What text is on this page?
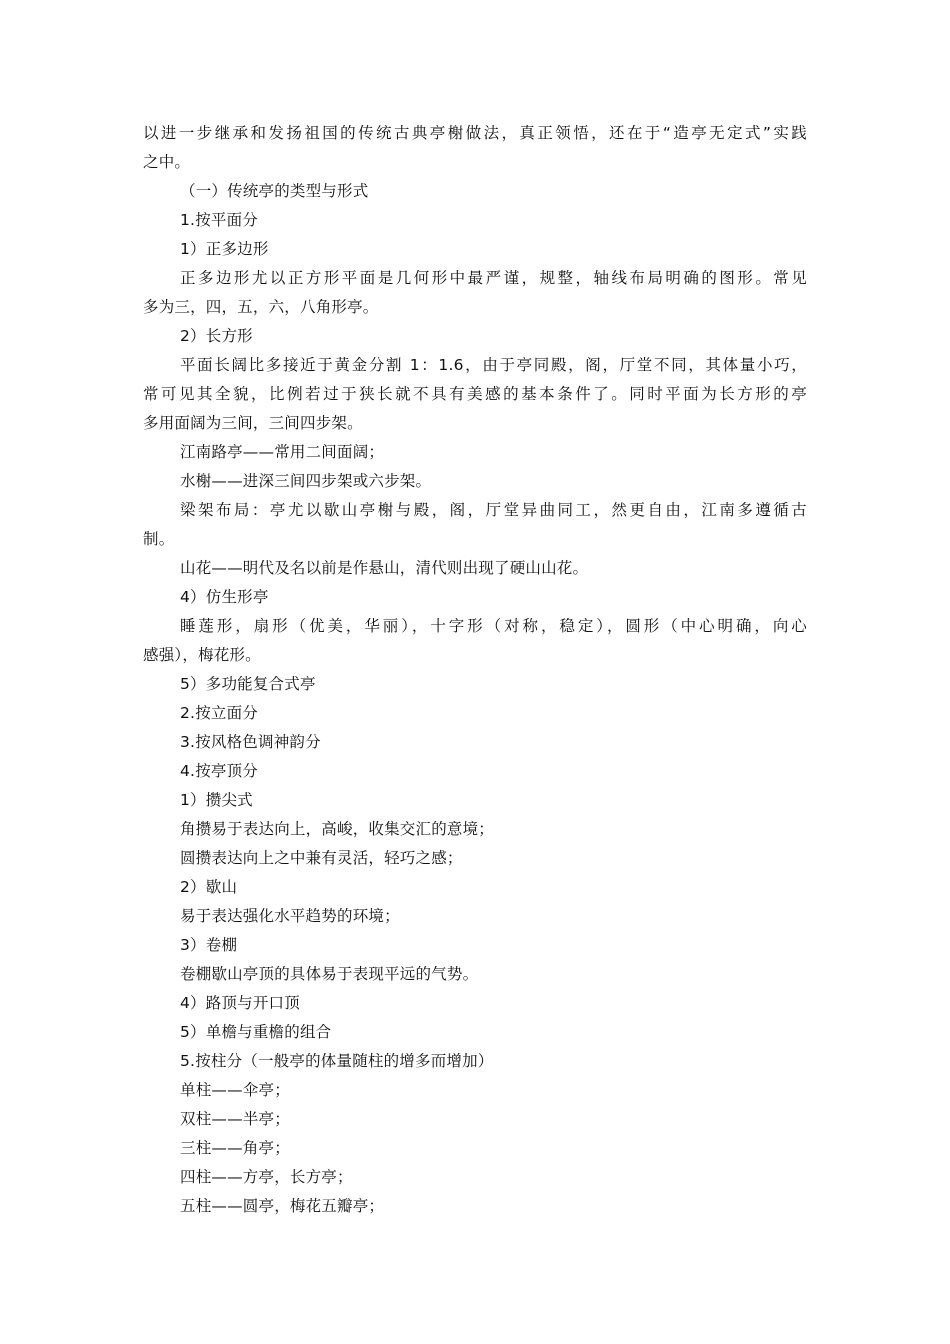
以进一步继承和发扬祖国的传统古典亭榭做法，真正领悟，还在于“造亭无定式”实践
之中。
（一）传统亭的类型与形式
1.按平面分
1）正多边形
正多边形尤以正方形平面是几何形中最严谨，规整，轴线布局明确的图形。常见
多为三，四，五，六，八角形亭。
2）长方形
平面长阔比多接近于黄金分割 1：1.6，由于亭同殿，阁，厅堂不同，其体量小巧，
常可见其全貌，比例若过于狭长就不具有美感的基本条件了。同时平面为长方形的亭
多用面阔为三间，三间四步架。
江南路亭——常用二间面阔；
水榭——进深三间四步架或六步架。
梁架布局：亭尤以歇山亭榭与殿，阁，厅堂异曲同工，然更自由，江南多遵循古
制。
山花——明代及名以前是作悬山，清代则出现了硬山山花。
4）仿生形亭
睡莲形，扇形（优美，华丽），十字形（对称，稳定），圆形（中心明确，向心
感强），梅花形。
5）多功能复合式亭
2.按立面分
3.按风格色调神韵分
4.按亭顶分
1）攒尖式
角攒易于表达向上，高峻，收集交汇的意境；
圆攒表达向上之中兼有灵活，轻巧之感；
2）歇山
易于表达强化水平趋势的环境；
3）卷棚
卷棚歇山亭顶的具体易于表现平远的气势。
4）路顶与开口顶
5）单檐与重檐的组合
5.按柱分（一般亭的体量随柱的增多而增加）
单柱——伞亭；
双柱——半亭；
三柱——角亭；
四柱——方亭，长方亭；
五柱——圆亭，梅花五瓣亭；
